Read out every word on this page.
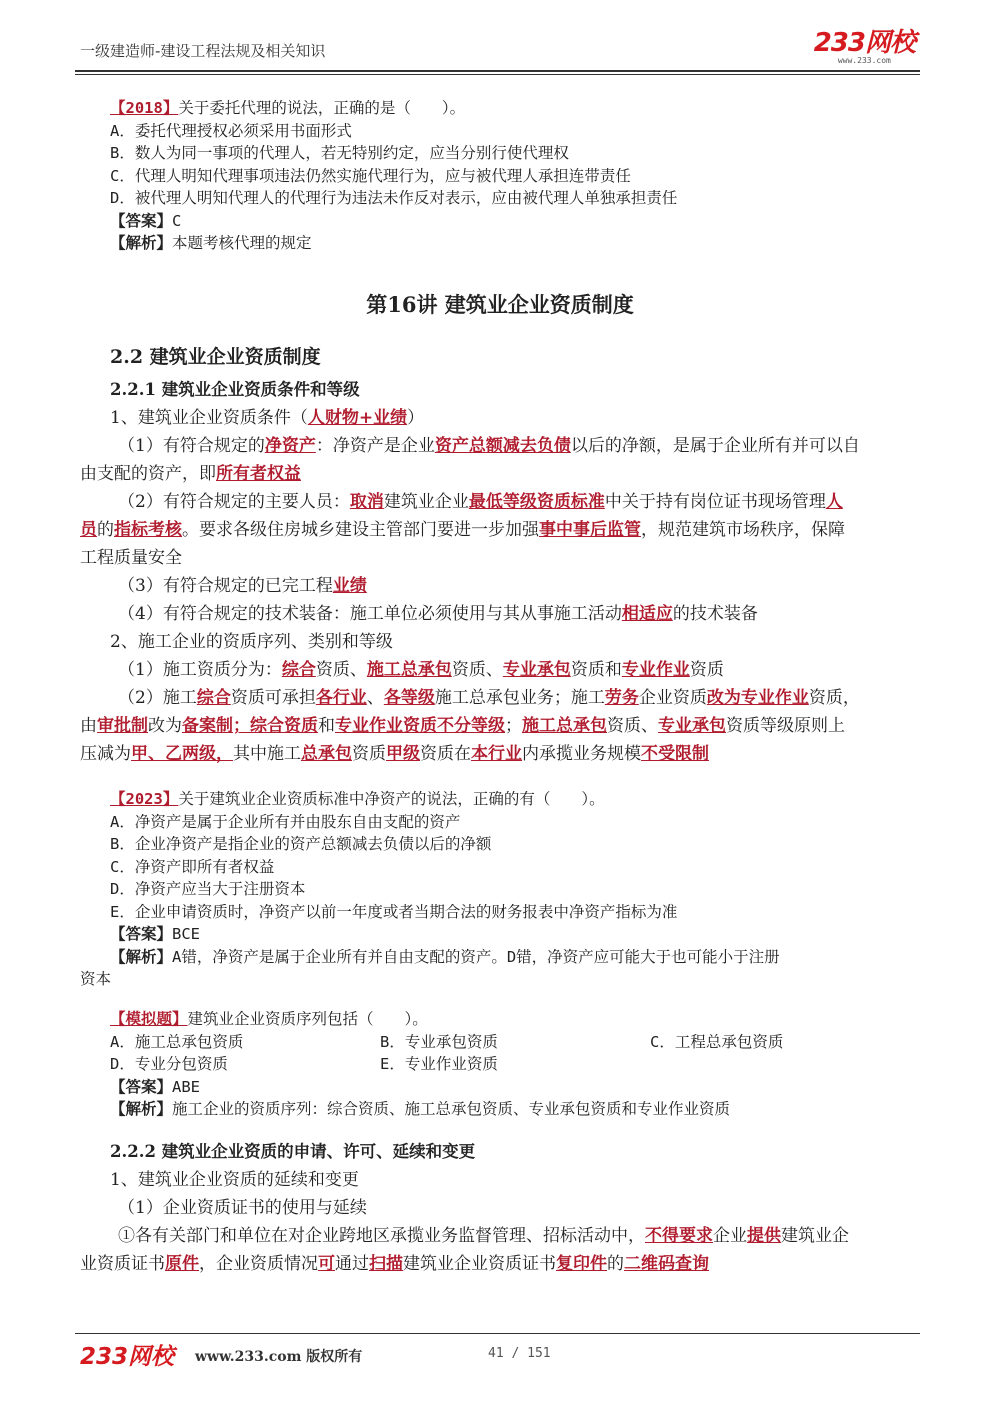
一级建造师-建设工程法规及相关知识	233网校
www.233.com
【2018】关于委托代理的说法，正确的是（　　）。
A．委托代理授权必须采用书面形式
B．数人为同一事项的代理人，若无特别约定，应当分别行使代理权
C．代理人明知代理事项违法仍然实施代理行为，应与被代理人承担连带责任
D．被代理人明知代理人的代理行为违法未作反对表示，应由被代理人单独承担责任
【答案】C
【解析】本题考核代理的规定
第16讲 建筑业企业资质制度
2.2 建筑业企业资质制度
2.2.1 建筑业企业资质条件和等级
1、建筑业企业资质条件（人财物+业绩）
（1）有符合规定的净资产：净资产是企业资产总额减去负债以后的净额，是属于企业所有并可以自
由支配的资产，即所有者权益
（2）有符合规定的主要人员：取消建筑业企业最低等级资质标准中关于持有岗位证书现场管理人
员的指标考核。要求各级住房城乡建设主管部门要进一步加强事中事后监管，规范建筑市场秩序，保障
工程质量安全
（3）有符合规定的已完工程业绩
（4）有符合规定的技术装备：施工单位必须使用与其从事施工活动相适应的技术装备
2、施工企业的资质序列、类别和等级
（1）施工资质分为：综合资质、施工总承包资质、专业承包资质和专业作业资质
（2）施工综合资质可承担各行业、各等级施工总承包业务；施工劳务企业资质改为专业作业资质，
由审批制改为备案制；综合资质和专业作业资质不分等级；施工总承包资质、专业承包资质等级原则上
压减为甲、乙两级，其中施工总承包资质甲级资质在本行业内承揽业务规模不受限制
【2023】关于建筑业企业资质标准中净资产的说法，正确的有（　　）。
A．净资产是属于企业所有并由股东自由支配的资产
B．企业净资产是指企业的资产总额减去负债以后的净额
C．净资产即所有者权益
D．净资产应当大于注册资本
E．企业申请资质时，净资产以前一年度或者当期合法的财务报表中净资产指标为准
【答案】BCE
【解析】A错，净资产是属于企业所有并自由支配的资产。D错，净资产应可能大于也可能小于注册
资本
【模拟题】建筑业企业资质序列包括（　　）。
A．施工总承包资质	B．专业承包资质	C．工程总承包资质
D．专业分包资质	E．专业作业资质
【答案】ABE
【解析】施工企业的资质序列：综合资质、施工总承包资质、专业承包资质和专业作业资质
2.2.2 建筑业企业资质的申请、许可、延续和变更
1、建筑业企业资质的延续和变更
（1）企业资质证书的使用与延续
①各有关部门和单位在对企业跨地区承揽业务监督管理、招标活动中，不得要求企业提供建筑业企
业资质证书原件，企业资质情况可通过扫描建筑业企业资质证书复印件的二维码查询
233网校 www.233.com 版权所有	41 / 151
